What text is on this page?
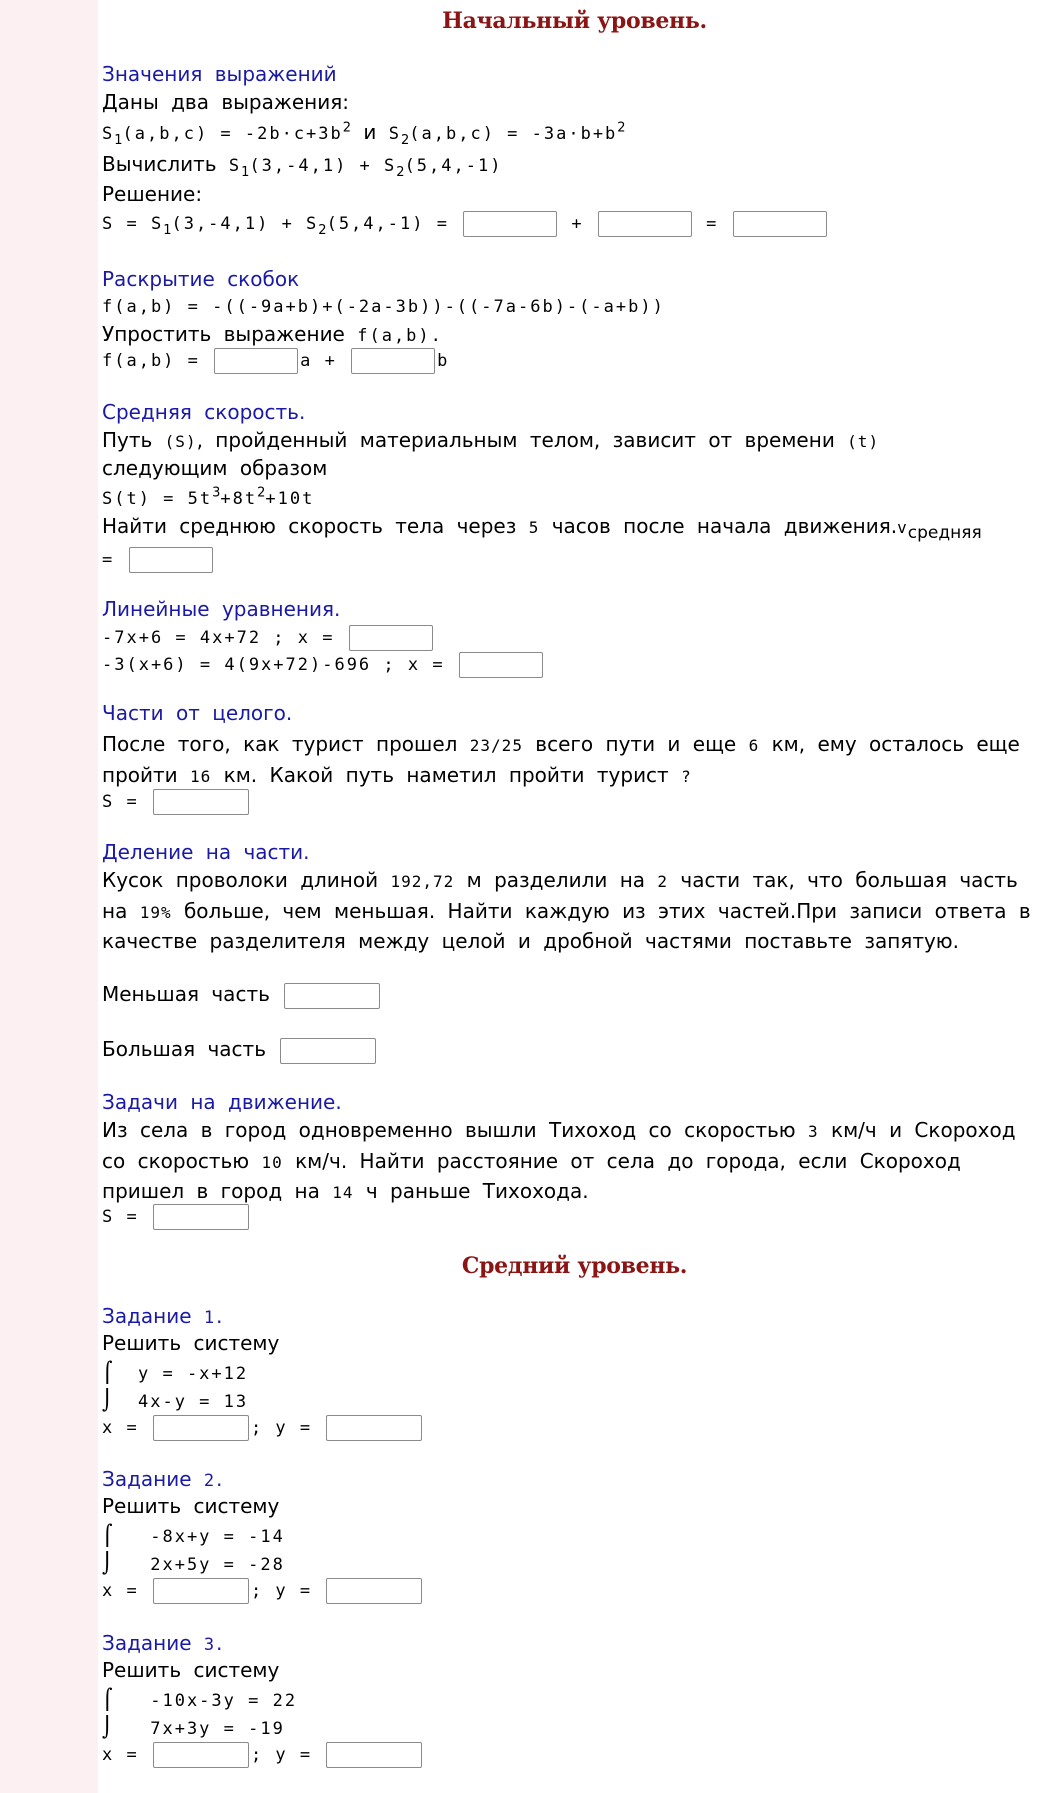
Начальный уровень.
Значения выражений
Даны два выражения:
$S_1(a,b,c) = -2b\cdot c+3b^2$ и $S_2(a,b,c) = -3a\cdot b+b^2$
Вычислить $S_1(3,-4,1) + S_2(5,4,-1)$
Решение:
$S = S_1(3,-4,1) + S_2(5,4,-1)$ =	+	=
Раскрытие скобок
f(a,b) = -((-9a+b)+(-2a-3b))-((-7a-6b)-(-a+b))
Упростить выражение f(a,b).
f(a,b) =	a +	b
Средняя скорость.
Путь (S), пройденный материальным телом, зависит от времени (t)
следующим образом
$S(t) = 5t^3+8t^2+10t$
Найти среднюю скорость тела через 5 часов после начала $движения.v_{средняя}$
=
Линейные уравнения.
-7x+6 = 4x+72 ; x =
-3(x+6) = 4(9x+72)-696 ; x =
Части от целого.
После того, как турист прошел 23/25 всего пути и еще 6 км, ему осталось еще пройти 16 км. Какой путь наметил пройти турист ?
S =
Деление на части.
Кусок проволоки длиной 192,72 м разделили на 2 части так, что большая часть на 19% больше, чем меньшая. Найти каждую из этих частей.При записи ответа в качестве разделителя между целой и дробной частями поставьте запятую.
Меньшая часть
Большая часть
Задачи на движение.
Из села в город одновременно вышли Тихоход со скоростью 3 км/ч и Скороход со скоростью 10 км/ч. Найти расстояние от села до города, если Скороход пришел в город на 14 ч раньше Тихохода.
S =
Средний уровень.
Задание 1.
Решить систему
⌠ y = -x+12
⌡ 4x-y = 13
x =	; y =
Задание 2.
Решить систему
⌠ -8x+y = -14
⌡ 2x+5y = -28
x =	; y =
Задание 3.
Решить систему
⌠ -10x-3y = 22
⌡ 7x+3y = -19
x =	; y =
